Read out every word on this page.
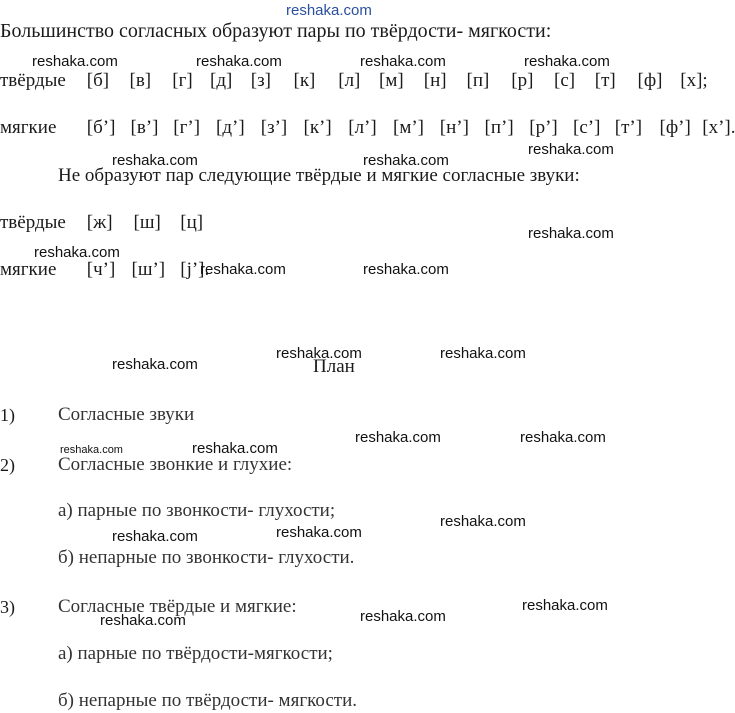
reshaka.com
Большинство согласных образуют пары по твёрдости- мягкости:
твёрдые [б] [в] [г] [д] [з] [к] [л] [м] [н] [п] [р] [с] [т] [ф] [х];
мягкие [б’] [в’] [г’] [д’] [з’] [к’] [л’] [м’] [н’] [п’] [р’] [с’] [т’] [ф’] [х’].
Не образуют пар следующие твёрдые и мягкие согласные звуки:
твёрдые [ж] [ш] [ц]
мягкие [ч’] [ш’] [j’].
План
1) Согласные звуки
2) Согласные звонкие и глухие:
а) парные по звонкости- глухости;
б) непарные по звонкости- глухости.
3) Согласные твёрдые и мягкие:
а) парные по твёрдости-мягкости;
б) непарные по твёрдости- мягкости.
reshaka.com	reshaka.com	reshaka.com	reshaka.com
reshaka.com
reshaka.com	reshaka.com
reshaka.com
reshaka.com
reshaka.com	reshaka.com
reshaka.com	reshaka.com
reshaka.com
reshaka.com	reshaka.com
reshaka.com	reshaka.com
reshaka.com
reshaka.com	reshaka.com
reshaka.com
reshaka.com
reshaka.com
